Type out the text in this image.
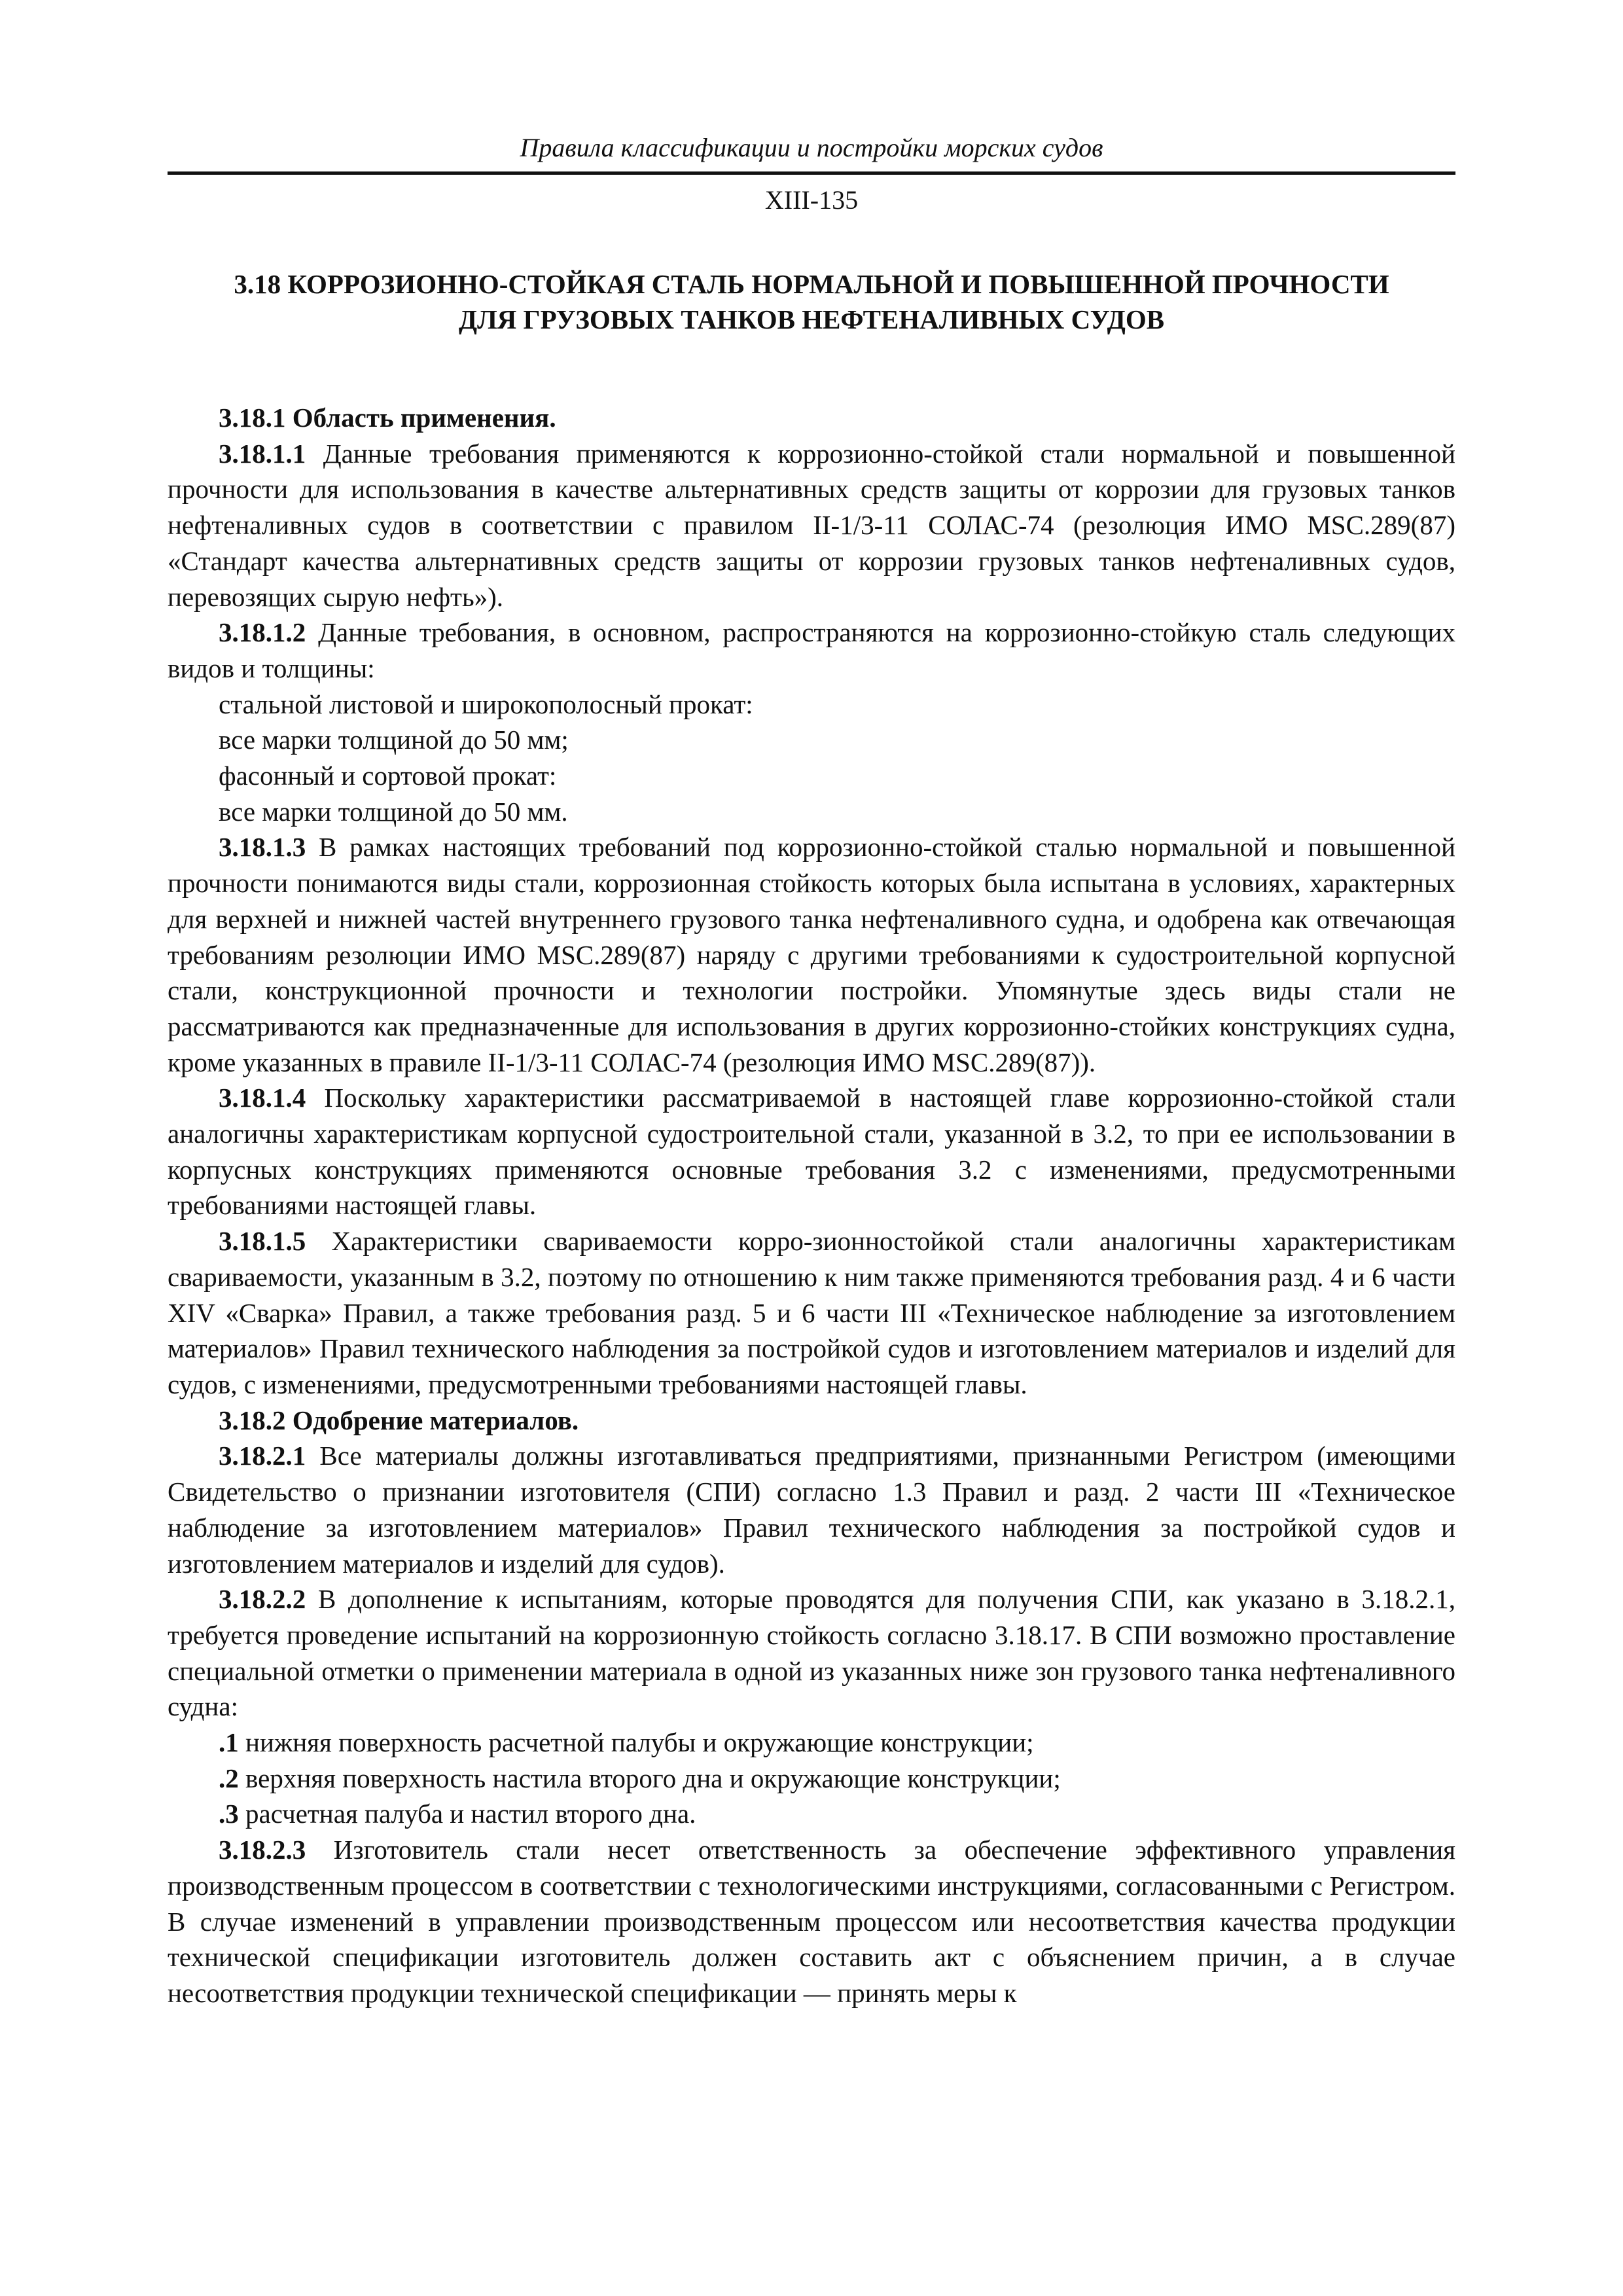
Правила классификации и постройки морских судов
XIII-135
3.18 КОРРОЗИОННО-СТОЙКАЯ СТАЛЬ НОРМАЛЬНОЙ И ПОВЫШЕННОЙ ПРОЧНОСТИ
ДЛЯ ГРУЗОВЫХ ТАНКОВ НЕФТЕНАЛИВНЫХ СУДОВ

3.18.1 Область применения.

3.18.1.1 Данные требования применяются к коррозионно-стойкой стали нормальной и повышенной прочности для использования в качестве альтернативных средств защиты от коррозии для грузовых танков нефтеналивных судов в соответствии с правилом II-1/3-11 СОЛАС-74 (резолюция ИМО MSC.289(87) «Стандарт качества альтернативных средств защиты от коррозии грузовых танков нефтеналивных судов, перевозящих сырую нефть»).

3.18.1.2 Данные требования, в основном, распространяются на коррозионно-стойкую сталь следующих видов и толщины:

стальной листовой и широкополосный прокат:

все марки толщиной до 50 мм;

фасонный и сортовой прокат:

все марки толщиной до 50 мм.

3.18.1.3 В рамках настоящих требований под коррозионно-стойкой сталью нормальной и повышенной прочности понимаются виды стали, коррозионная стойкость которых была испытана в условиях, характерных для верхней и нижней частей внутреннего грузового танка нефтеналивного судна, и одобрена как отвечающая требованиям резолюции ИМО MSC.289(87) наряду с другими требованиями к судостроительной корпусной стали, конструкционной прочности и технологии постройки. Упомянутые здесь виды стали не рассматриваются как предназначенные для использования в других коррозионно-стойких конструкциях судна, кроме указанных в правиле II-1/3-11 СОЛАС-74 (резолюция ИМО MSC.289(87)).

3.18.1.4 Поскольку характеристики рассматриваемой в настоящей главе коррозионно-стойкой стали аналогичны характеристикам корпусной судостроительной стали, указанной в 3.2, то при ее использовании в корпусных конструкциях применяются основные требования 3.2 с изменениями, предусмотренными требованиями настоящей главы.

3.18.1.5 Характеристики свариваемости корро-зионностойкой стали аналогичны характеристикам свариваемости, указанным в 3.2, поэтому по отношению к ним также применяются требования разд. 4 и 6 части XIV «Сварка» Правил, а также требования разд. 5 и 6 части III «Техническое наблюдение за изготовлением материалов» Правил технического наблюдения за постройкой судов и изготовлением материалов и изделий для судов, с изменениями, предусмотренными требованиями настоящей главы.

3.18.2 Одобрение материалов.

3.18.2.1 Все материалы должны изготавливаться предприятиями, признанными Регистром (имеющими Свидетельство о признании изготовителя (СПИ) согласно 1.3 Правил и разд. 2 части III «Техническое наблюдение за изготовлением материалов» Правил технического наблюдения за постройкой судов и изготовлением материалов и изделий для судов).

3.18.2.2 В дополнение к испытаниям, которые проводятся для получения СПИ, как указано в 3.18.2.1, требуется проведение испытаний на коррозионную стойкость согласно 3.18.17. В СПИ возможно проставление специальной отметки о применении материала в одной из указанных ниже зон грузового танка нефтеналивного судна:

.1 нижняя поверхность расчетной палубы и окружающие конструкции;

.2 верхняя поверхность настила второго дна и окружающие конструкции;

.3 расчетная палуба и настил второго дна.

3.18.2.3 Изготовитель стали несет ответственность за обеспечение эффективного управления производственным процессом в соответствии с технологическими инструкциями, согласованными с Регистром. В случае изменений в управлении производственным процессом или несоответствия качества продукции технической спецификации изготовитель должен составить акт с объяснением причин, а в случае несоответствия продукции технической спецификации — принять меры к
